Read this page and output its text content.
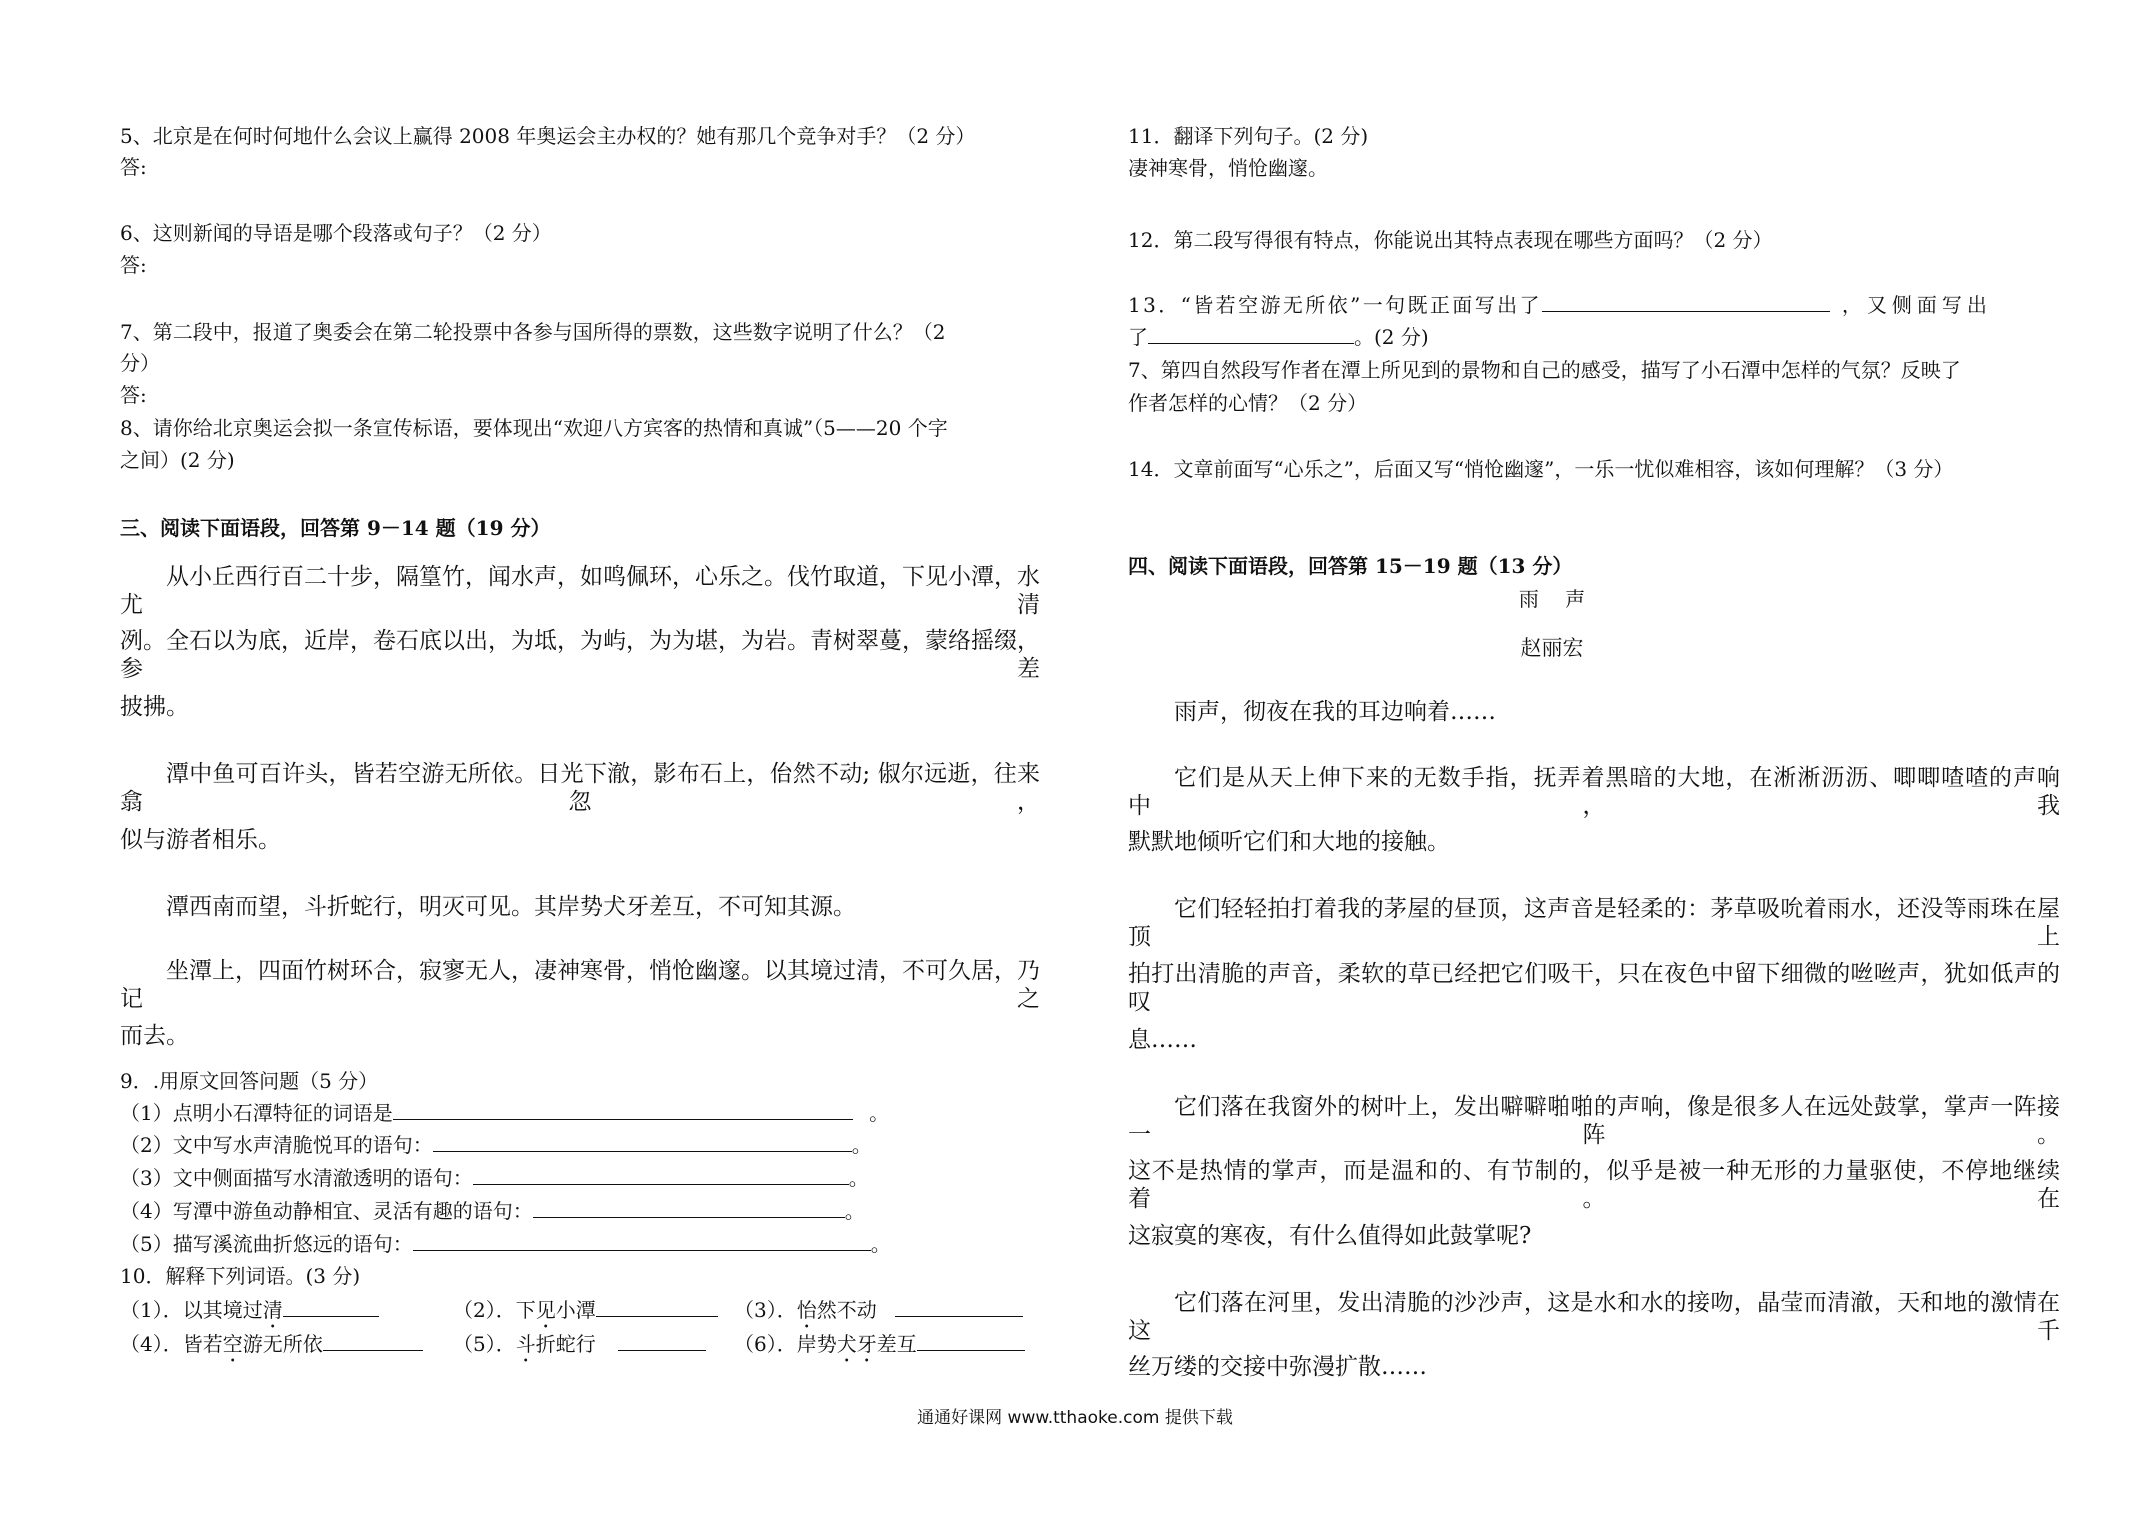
5、北京是在何时何地什么会议上赢得 2008 年奥运会主办权的？她有那几个竞争对手？（2 分）
答:
6、这则新闻的导语是哪个段落或句子？（2 分）
答:
7、第二段中，报道了奥委会在第二轮投票中各参与国所得的票数，这些数字说明了什么？（2
分）
答:
8、请你给北京奥运会拟一条宣传标语，要体现出“欢迎八方宾客的热情和真诚”（5——20 个字
之间）(2 分)
三、阅读下面语段，回答第 9－14 题（19 分）
从小丘西行百二十步，隔篁竹，闻水声，如鸣佩环，心乐之。伐竹取道，下见小潭，水尤清
冽。全石以为底，近岸，卷石底以出，为坻，为屿，为为堪，为岩。青树翠蔓，蒙络摇缀，参差
披拂。
潭中鱼可百许头，皆若空游无所依。日光下澈，影布石上，佁然不动; 俶尔远逝，往来翕忽，
似与游者相乐。
潭西南而望，斗折蛇行，明灭可见。其岸势犬牙差互，不可知其源。
坐潭上，四面竹树环合，寂寥无人，凄神寒骨，悄怆幽邃。以其境过清，不可久居，乃记之
而去。
9．.用原文回答问题（5 分）
（1）点明小石潭特征的词语是	。
（2）文中写水声清脆悦耳的语句：	。
（3）文中侧面描写水清澈透明的语句：	。
（4）写潭中游鱼动静相宜、灵活有趣的语句：	。
（5）描写溪流曲折悠远的语句：	。
10．解释下列词语。(3 分)
（1）．以其境过清	（2）．下见小潭	（3）．怡然不动
（4）．皆若空游无所依	（5）．斗折蛇行	（6）．岸势犬牙差互
11．翻译下列句子。(2 分)
凄神寒骨，悄怆幽邃。
12．第二段写得很有特点，你能说出其特点表现在哪些方面吗？（2 分）
13．“皆若空游无所依”一句既正面写出了	，又侧面写出
了	。(2 分)
7、第四自然段写作者在潭上所见到的景物和自己的感受，描写了小石潭中怎样的气氛？反映了
作者怎样的心情？（2 分）
14．文章前面写“心乐之”，后面又写“悄怆幽邃”，一乐一忧似难相容，该如何理解？（3 分）
四、阅读下面语段，回答第 15－19 题（13 分）
雨　 声
赵丽宏
雨声，彻夜在我的耳边响着……
它们是从天上伸下来的无数手指，抚弄着黑暗的大地，在淅淅沥沥、唧唧喳喳的声响中，我
默默地倾听它们和大地的接触。
它们轻轻拍打着我的茅屋的昼顶，这声音是轻柔的：茅草吸吮着雨水，还没等雨珠在屋顶上
拍打出清脆的声音，柔软的草已经把它们吸干，只在夜色中留下细微的咝咝声，犹如低声的叹
息……
它们落在我窗外的树叶上，发出噼噼啪啪的声响，像是很多人在远处鼓掌，掌声一阵接一阵。
这不是热情的掌声，而是温和的、有节制的，似乎是被一种无形的力量驱使，不停地继续着。在
这寂寞的寒夜，有什么值得如此鼓掌呢?
它们落在河里，发出清脆的沙沙声，这是水和水的接吻，晶莹而清澈，天和地的激情在这千
丝万缕的交接中弥漫扩散……
通通好课网 www.tthaoke.com 提供下载
